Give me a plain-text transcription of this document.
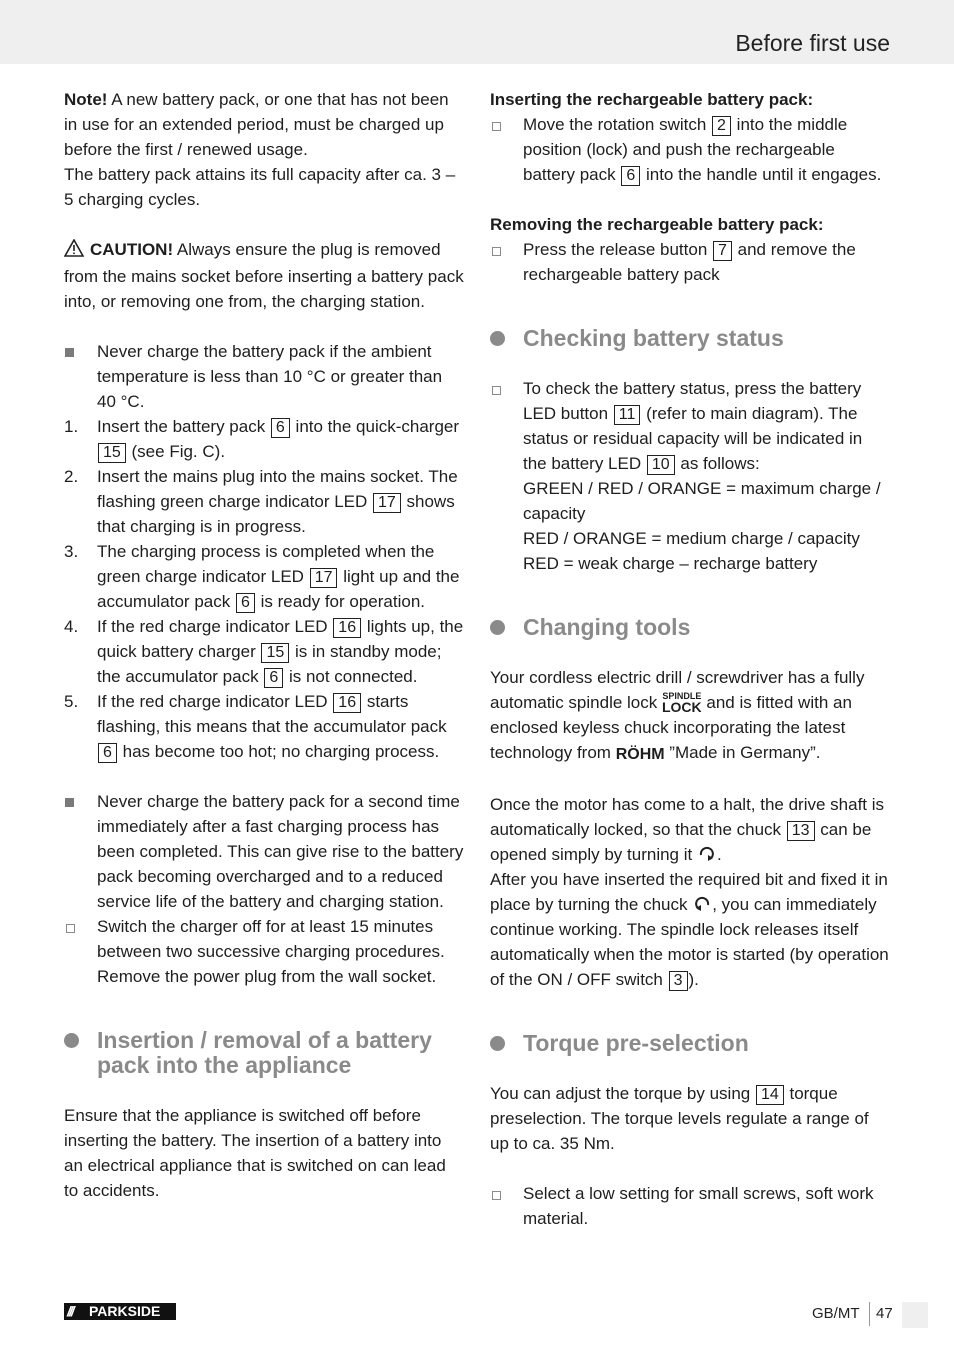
Before first use

Note! A new battery pack, or one that has not been in use for an extended period, must be charged up before the first / renewed usage.

The battery pack attains its full capacity after ca. 3 – 5 charging cycles.

CAUTION! Always ensure the plug is removed from the mains socket before inserting a battery pack into, or removing one from, the charging station.

Never charge the battery pack if the ambient temperature is less than 10 °C or greater than 40 °C.
1. Insert the battery pack 6 into the quick-charger 15 (see Fig. C).
2. Insert the mains plug into the mains socket. The flashing green charge indicator LED 17 shows that charging is in progress.
3. The charging process is completed when the green charge indicator LED 17 light up and the accumulator pack 6 is ready for operation.
4. If the red charge indicator LED 16 lights up, the quick battery charger 15 is in standby mode; the accumulator pack 6 is not connected.
5. If the red charge indicator LED 16 starts flashing, this means that the accumulator pack 6 has become too hot; no charging process.
Never charge the battery pack for a second time immediately after a fast charging process has been completed. This can give rise to the battery pack becoming overcharged and to a reduced service life of the battery and charging station.
Switch the charger off for at least 15 minutes between two successive charging procedures. Remove the power plug from the wall socket.
Insertion / removal of a battery pack into the appliance

Ensure that the appliance is switched off before inserting the battery. The insertion of a battery into an electrical appliance that is switched on can lead to accidents.

Inserting the rechargeable battery pack:

Move the rotation switch 2 into the middle position (lock) and push the rechargeable battery pack 6 into the handle until it engages.

Removing the rechargeable battery pack:

Press the release button 7 and remove the rechargeable battery pack
Checking battery status
To check the battery status, press the battery LED button 11 (refer to main diagram). The status or residual capacity will be indicated in the battery LED 10 as follows:
GREEN / RED / ORANGE = maximum charge / capacity
RED / ORANGE = medium charge / capacity
RED = weak charge – recharge battery
Changing tools

Your cordless electric drill / screwdriver has a fully automatic spindle lock SPINDLE
LOCK and is fitted with an enclosed keyless chuck incorporating the latest technology from RÖHM ”Made in Germany”.

Once the motor has come to a halt, the drive shaft is automatically locked, so that the chuck 13 can be opened simply by turning it .

After you have inserted the required bit and fixed it in place by turning the chuck , you can immediately continue working. The spindle lock releases itself automatically when the motor is started (by operation of the ON / OFF switch 3 ).

Torque pre-selection

You can adjust the torque by using 14 torque preselection. The torque levels regulate a range of up to ca. 35 Nm.

Select a low setting for small screws, soft work material.
/// PARKSIDE	GB/MT 47
